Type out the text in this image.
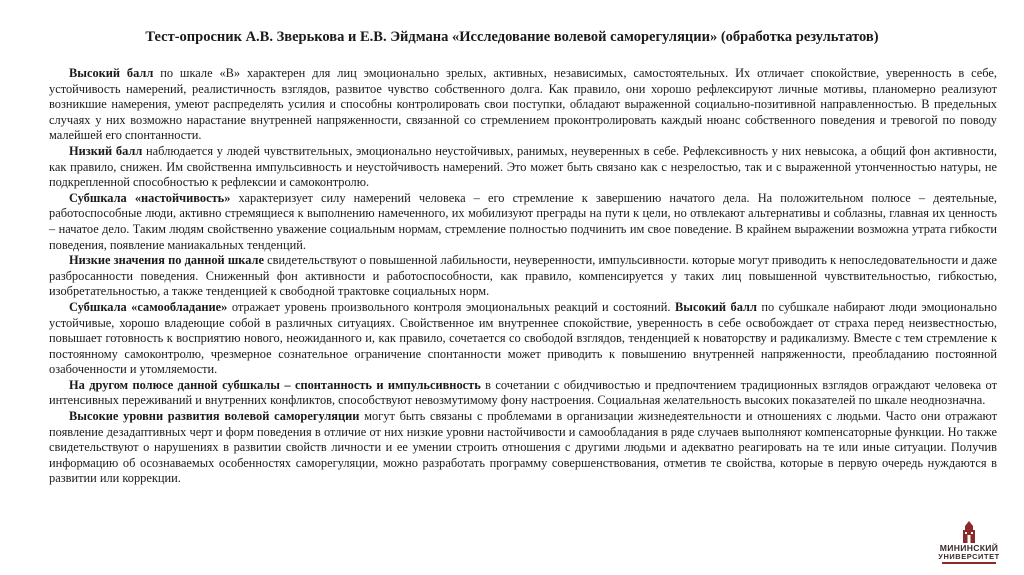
Тест-опросник А.В. Зверькова и Е.В. Эйдмана «Исследование волевой саморегуляции» (обработка результатов)

Высокий балл по шкале «В» характерен для лиц эмоционально зрелых, активных, независимых, самостоятельных. Их отличает спокойствие, уверенность в себе, устойчивость намерений, реалистичность взглядов, развитое чувство собственного долга. Как правило, они хорошо рефлексируют личные мотивы, планомерно реализуют возникшие намерения, умеют распределять усилия и способны контролировать свои поступки, обладают выраженной социально-позитивной направленностью. В предельных случаях у них возможно нарастание внутренней напряженности, связанной со стремлением проконтролировать каждый нюанс собственного поведения и тревогой по поводу малейшей его спонтанности.

Низкий балл наблюдается у людей чувствительных, эмоционально неустойчивых, ранимых, неуверенных в себе. Рефлексивность у них невысока, а общий фон активности, как правило, снижен. Им свойственна импульсивность и неустойчивость намерений. Это может быть связано как с незрелостью, так и с выраженной утонченностью натуры, не подкрепленной способностью к рефлексии и самоконтролю.

Субшкала «настойчивость» характеризует силу намерений человека – его стремление к завершению начатого дела. На положительном полюсе – деятельные, работоспособные люди, активно стремящиеся к выполнению намеченного, их мобилизуют преграды на пути к цели, но отвлекают альтернативы и соблазны, главная их ценность – начатое дело. Таким людям свойственно уважение социальным нормам, стремление полностью подчинить им свое поведение. В крайнем выражении возможна утрата гибкости поведения, появление маниакальных тенденций.

Низкие значения по данной шкале свидетельствуют о повышенной лабильности, неуверенности, импульсивности. которые могут приводить к непоследовательности и даже разбросанности поведения. Сниженный фон активности и работоспособности, как правило, компенсируется у таких лиц повышенной чувствительностью, гибкостью, изобретательностью, а также тенденцией к свободной трактовке социальных норм.

Субшкала «самообладание» отражает уровень произвольного контроля эмоциональных реакций и состояний. Высокий балл по субшкале набирают люди эмоционально устойчивые, хорошо владеющие собой в различных ситуациях. Свойственное им внутреннее спокойствие, уверенность в себе освобождает от страха перед неизвестностью, повышает готовность к восприятию нового, неожиданного и, как правило, сочетается со свободой взглядов, тенденцией к новаторству и радикализму. Вместе с тем стремление к постоянному самоконтролю, чрезмерное сознательное ограничение спонтанности может приводить к повышению внутренней напряженности, преобладанию постоянной озабоченности и утомляемости.

На другом полюсе данной субшкалы – спонтанность и импульсивность в сочетании с обидчивостью и предпочтением традиционных взглядов ограждают человека от интенсивных переживаний и внутренних конфликтов, способствуют невозмутимому фону настроения. Социальная желательность высоких показателей по шкале неоднозначна.

Высокие уровни развития волевой саморегуляции могут быть связаны с проблемами в организации жизнедеятельности и отношениях с людьми. Часто они отражают появление дезадаптивных черт и форм поведения в отличие от них низкие уровни настойчивости и самообладания в ряде случаев выполняют компенсаторные функции. Но также свидетельствуют о нарушениях в развитии свойств личности и ее умении строить отношения с другими людьми и адекватно реагировать на те или иные ситуации. Получив информацию об осознаваемых особенностях саморегуляции, можно разработать программу совершенствования, отметив те свойства, которые в первую очередь нуждаются в развитии или коррекции.

МИНИНСКИЙ
УНИВЕРСИТЕТ
